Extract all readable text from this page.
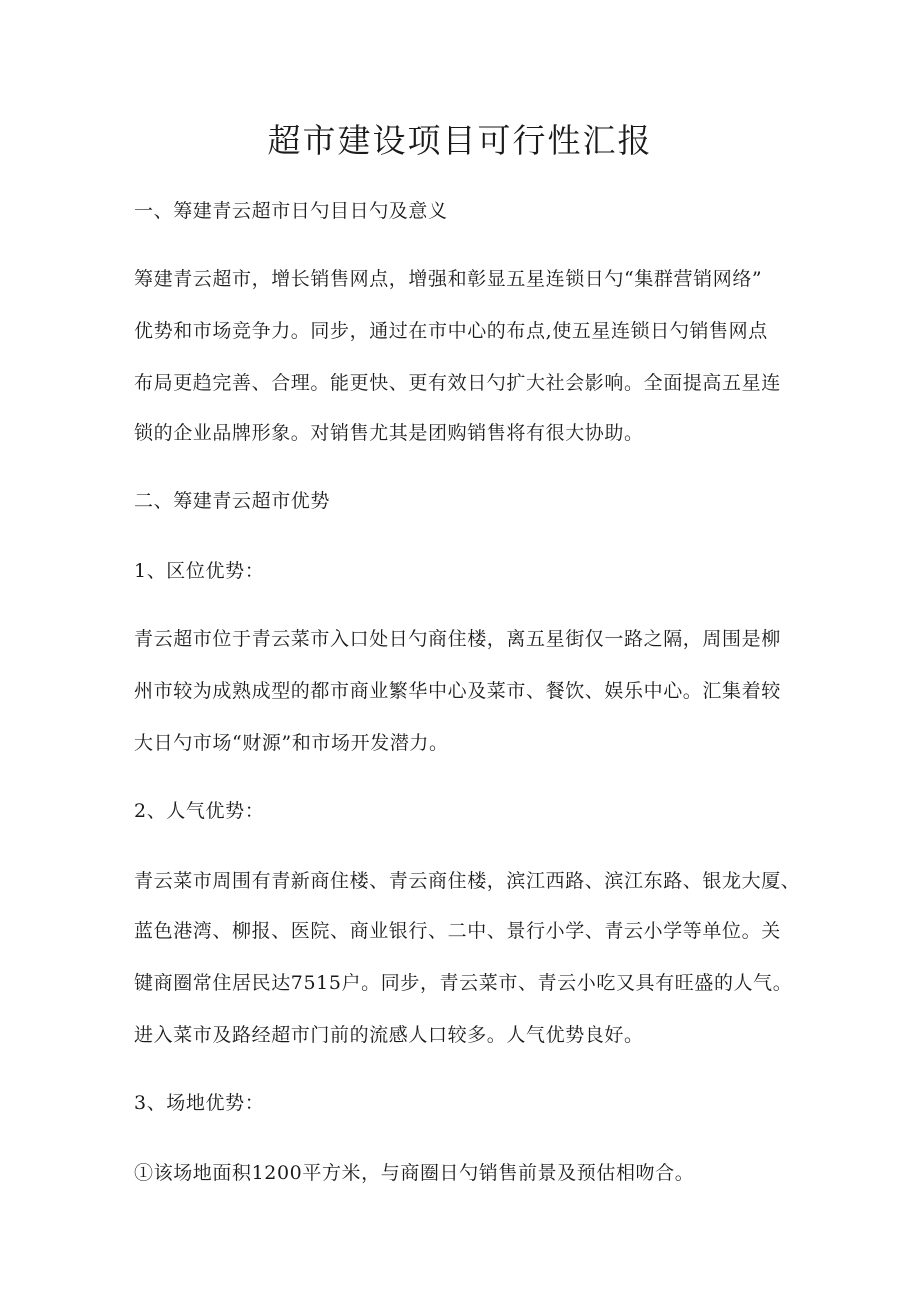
超市建设项目可行性汇报
一、筹建青云超市日勺目日勺及意义
筹建青云超市，增长销售网点，增强和彰显五星连锁日勺“集群营销网络”
优势和市场竞争力。同步，通过在市中心的布点,使五星连锁日勺销售网点
布局更趋完善、合理。能更快、更有效日勺扩大社会影响。全面提高五星连
锁的企业品牌形象。对销售尤其是团购销售将有很大协助。
二、筹建青云超市优势
1、区位优势：
青云超市位于青云菜市入口处日勺商住楼，离五星街仅一路之隔，周围是柳
州市较为成熟成型的都市商业繁华中心及菜市、餐饮、娱乐中心。汇集着较
大日勺市场“财源”和市场开发潜力。
2、人气优势：
青云菜市周围有青新商住楼、青云商住楼，滨江西路、滨江东路、银龙大厦、
蓝色港湾、柳报、医院、商业银行、二中、景行小学、青云小学等单位。关
键商圈常住居民达7515户。同步，青云菜市、青云小吃又具有旺盛的人气。
进入菜市及路经超市门前的流感人口较多。人气优势良好。
3、场地优势：
①该场地面积1200平方米，与商圈日勺销售前景及预估相吻合。
